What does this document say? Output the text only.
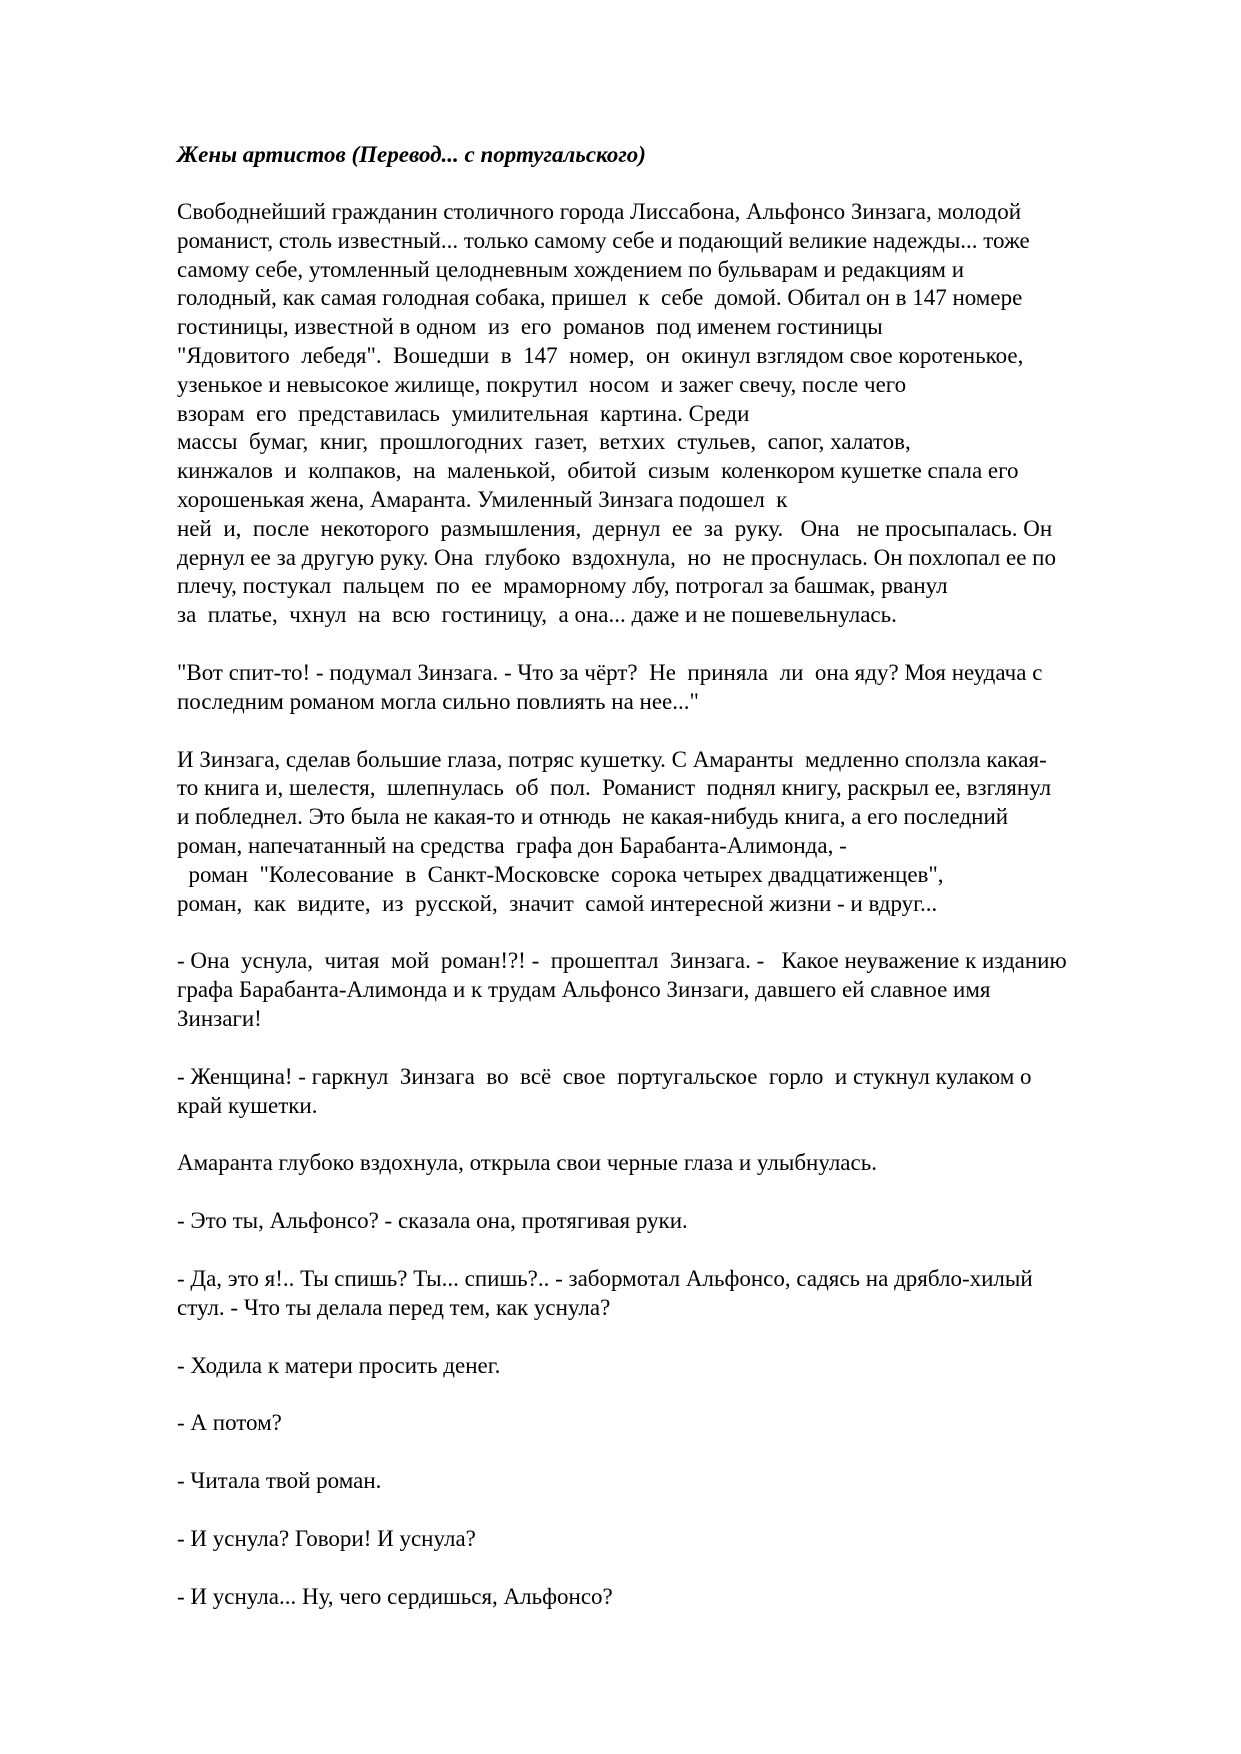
Жены артистов (Перевод... с португальского)
Свободнейший гражданин столичного города Лиссабона, Альфонсо Зинзага, молодой
романист, столь известный... только самому себе и подающий великие надежды... тоже
самому себе, утомленный целодневным хождением по бульварам и редакциям и
голодный, как самая голодная собака, пришел  к  себе  домой. Обитал он в 147 номере
гостиницы, известной в одном  из  его  романов  под именем гостиницы
"Ядовитого  лебедя".  Вошедши  в  147  номер,  он  окинул взглядом свое коротенькое,
узенькое и невысокое жилище, покрутил  носом  и зажег свечу, после чего
взорам  его  представилась  умилительная  картина. Среди
массы  бумаг,  книг,  прошлогодних  газет,  ветхих  стульев,  сапог, халатов,
кинжалов  и  колпаков,  на  маленькой,  обитой  сизым  коленкором кушетке спала его
хорошенькая жена, Амаранта. Умиленный Зинзага подошел  к
ней  и,  после  некоторого  размышления,  дернул  ее  за  руку.   Она   не просыпалась. Он
дернул ее за другую руку. Она  глубоко  вздохнула,  но  не проснулась. Он похлопал ее по
плечу, постукал  пальцем  по  ее  мраморному лбу, потрогал за башмак, рванул
за  платье,  чхнул  на  всю  гостиницу,  а она... даже и не пошевельнулась.
"Вот спит-то! - подумал Зинзага. - Что за чёрт?  Не  приняла  ли  она яду? Моя неудача с
последним романом могла сильно повлиять на нее..."
И Зинзага, сделав большие глаза, потряс кушетку. С Амаранты  медленно сползла какая-
то книга и, шелестя,  шлепнулась  об  пол.  Романист  поднял книгу, раскрыл ее, взглянул
и побледнел. Это была не какая-то и отнюдь  не какая-нибудь книга, а его последний
роман, напечатанный на средства  графа дон Барабанта-Алимонда, -
роман  "Колесование  в  Санкт-Московске  сорока четырех двадцатиженцев",
роман,  как  видите,  из  русской,  значит  самой интересной жизни - и вдруг...
- Она  уснула,  читая  мой  роман!?! -  прошептал  Зинзага. -   Какое неуважение к изданию
графа Барабанта-Алимонда и к трудам Альфонсо Зинзаги, давшего ей славное имя
Зинзаги!
- Женщина! - гаркнул  Зинзага  во  всё  свое  португальское  горло  и стукнул кулаком о
край кушетки.
Амаранта глубоко вздохнула, открыла свои черные глаза и улыбнулась.
- Это ты, Альфонсо? - сказала она, протягивая руки.
- Да, это я!.. Ты спишь? Ты... спишь?.. - забормотал Альфонсо, садясь на дрябло-хилый
стул. - Что ты делала перед тем, как уснула?
- Ходила к матери просить денег.
- А потом?
- Читала твой роман.
- И уснула? Говори! И уснула?
- И уснула... Ну, чего сердишься, Альфонсо?
